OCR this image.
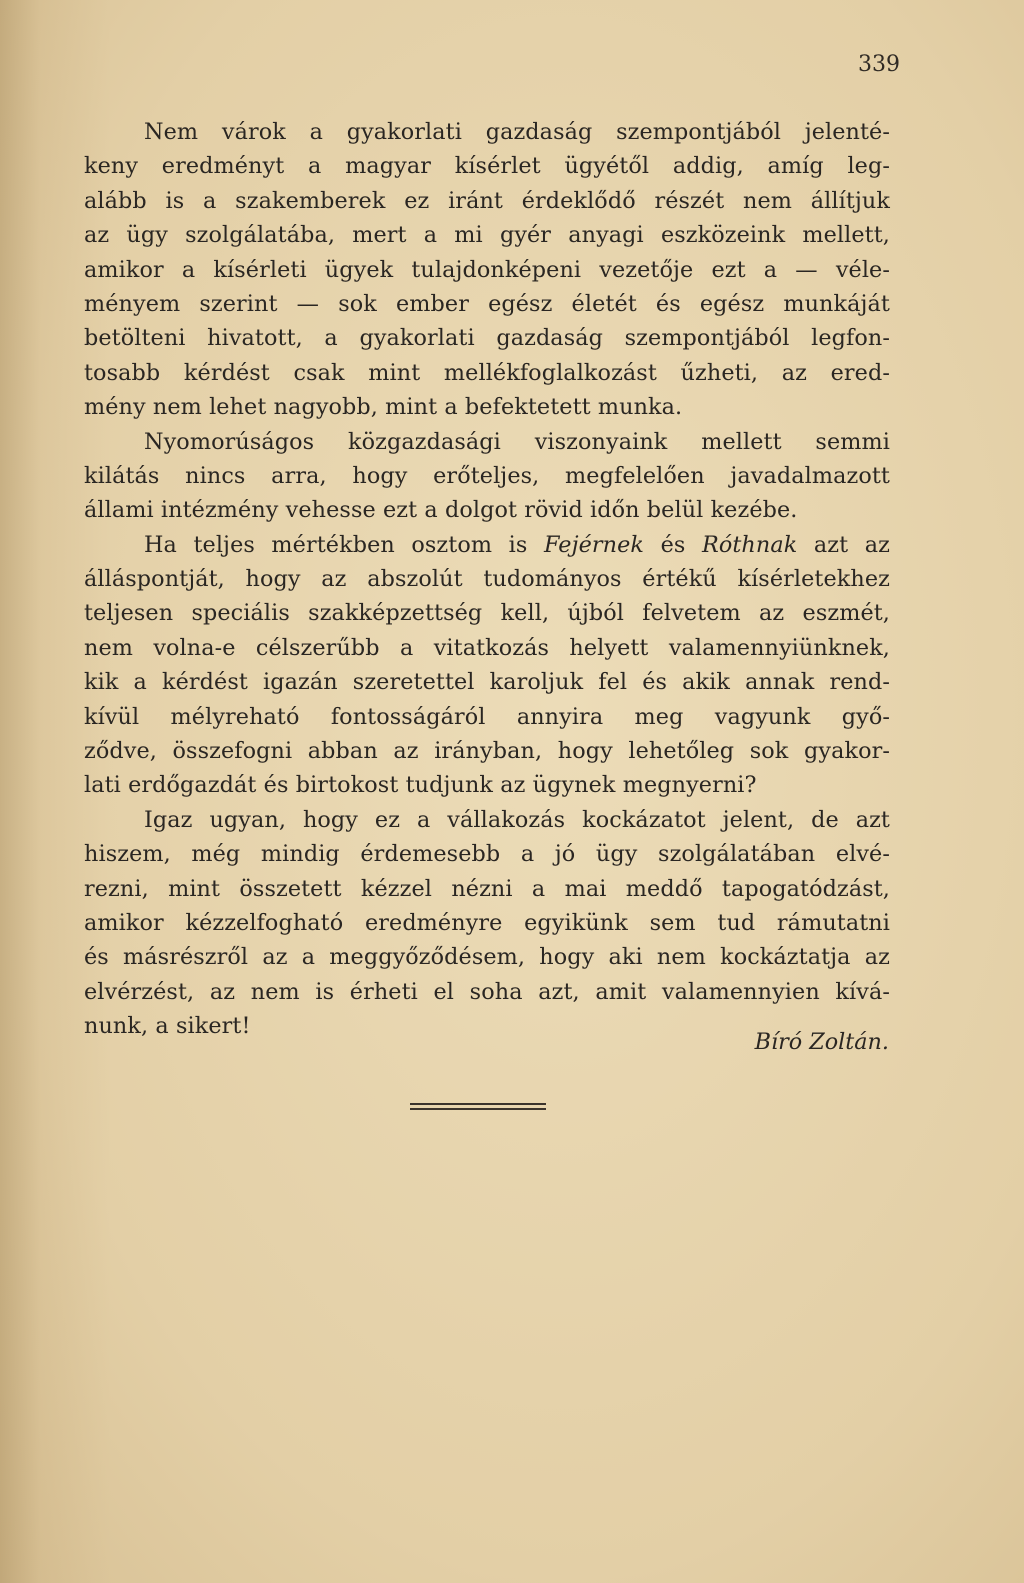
339
Nem várok a gyakorlati gazdaság szempontjából jelenté-
keny eredményt a magyar kísérlet ügyétől addig, amíg leg-
alább is a szakemberek ez iránt érdeklődő részét nem állítjuk
az ügy szolgálatába, mert a mi gyér anyagi eszközeink mellett,
amikor a kísérleti ügyek tulajdonképeni vezetője ezt a — véle-
ményem szerint — sok ember egész életét és egész munkáját
betölteni hivatott, a gyakorlati gazdaság szempontjából legfon-
tosabb kérdést csak mint mellékfoglalkozást űzheti, az ered-
mény nem lehet nagyobb, mint a befektetett munka.
Nyomorúságos közgazdasági viszonyaink mellett semmi
kilátás nincs arra, hogy erőteljes, megfelelően javadalmazott
állami intézmény vehesse ezt a dolgot rövid időn belül kezébe.
Ha teljes mértékben osztom is Fejérnek és Róthnak azt az
álláspontját, hogy az abszolút tudományos értékű kísérletekhez
teljesen speciális szakképzettség kell, újból felvetem az eszmét,
nem volna-e célszerűbb a vitatkozás helyett valamennyiünknek,
kik a kérdést igazán szeretettel karoljuk fel és akik annak rend-
kívül mélyreható fontosságáról annyira meg vagyunk győ-
ződve, összefogni abban az irányban, hogy lehetőleg sok gyakor-
lati erdőgazdát és birtokost tudjunk az ügynek megnyerni?
Igaz ugyan, hogy ez a vállakozás kockázatot jelent, de azt
hiszem, még mindig érdemesebb a jó ügy szolgálatában elvé-
rezni, mint összetett kézzel nézni a mai meddő tapogatódzást,
amikor kézzelfogható eredményre egyikünk sem tud rámutatni
és másrészről az a meggyőződésem, hogy aki nem kockáztatja az
elvérzést, az nem is érheti el soha azt, amit valamennyien kívá-
nunk, a sikert!
Bíró Zoltán.
